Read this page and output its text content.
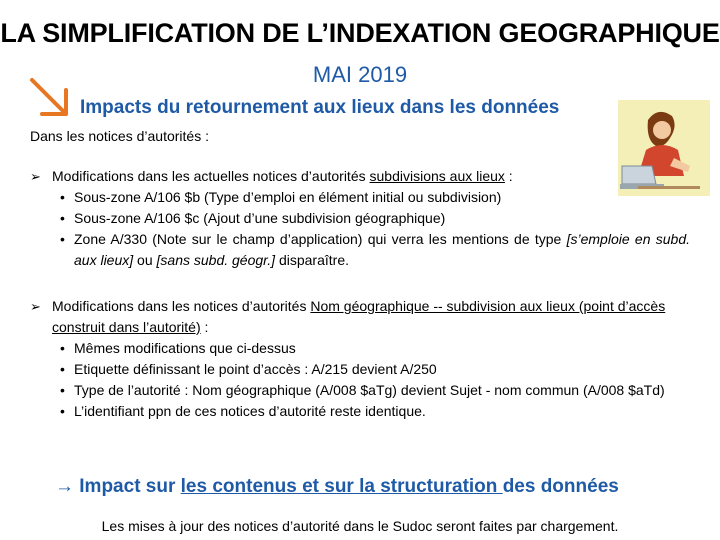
LA SIMPLIFICATION DE L’INDEXATION GEOGRAPHIQUE
MAI 2019
Impacts du retournement aux lieux dans les données
Dans les notices d’autorités :
➢ Modifications dans les actuelles notices d’autorités subdivisions aux lieux :
• Sous-zone A/106 $b (Type d’emploi en élément initial ou subdivision)
• Sous-zone A/106 $c (Ajout d’une subdivision géographique)
• Zone A/330 (Note sur le champ d’application) qui verra les mentions de type [s’emploie en subd. aux lieux] ou [sans subd. géogr.] disparaître.
➢ Modifications dans les notices d’autorités Nom géographique -- subdivision aux lieux (point d’accès construit dans l’autorité) :
• Mêmes modifications que ci-dessus
• Etiquette définissant le point d’accès : A/215 devient A/250
• Type de l’autorité : Nom géographique (A/008 $aTg) devient Sujet - nom commun (A/008 $aTd)
• L’identifiant ppn de ces notices d’autorité reste identique.
→ Impact sur les contenus et sur la structuration des données
Les mises à jour des notices d’autorité dans le Sudoc seront faites par chargement.
